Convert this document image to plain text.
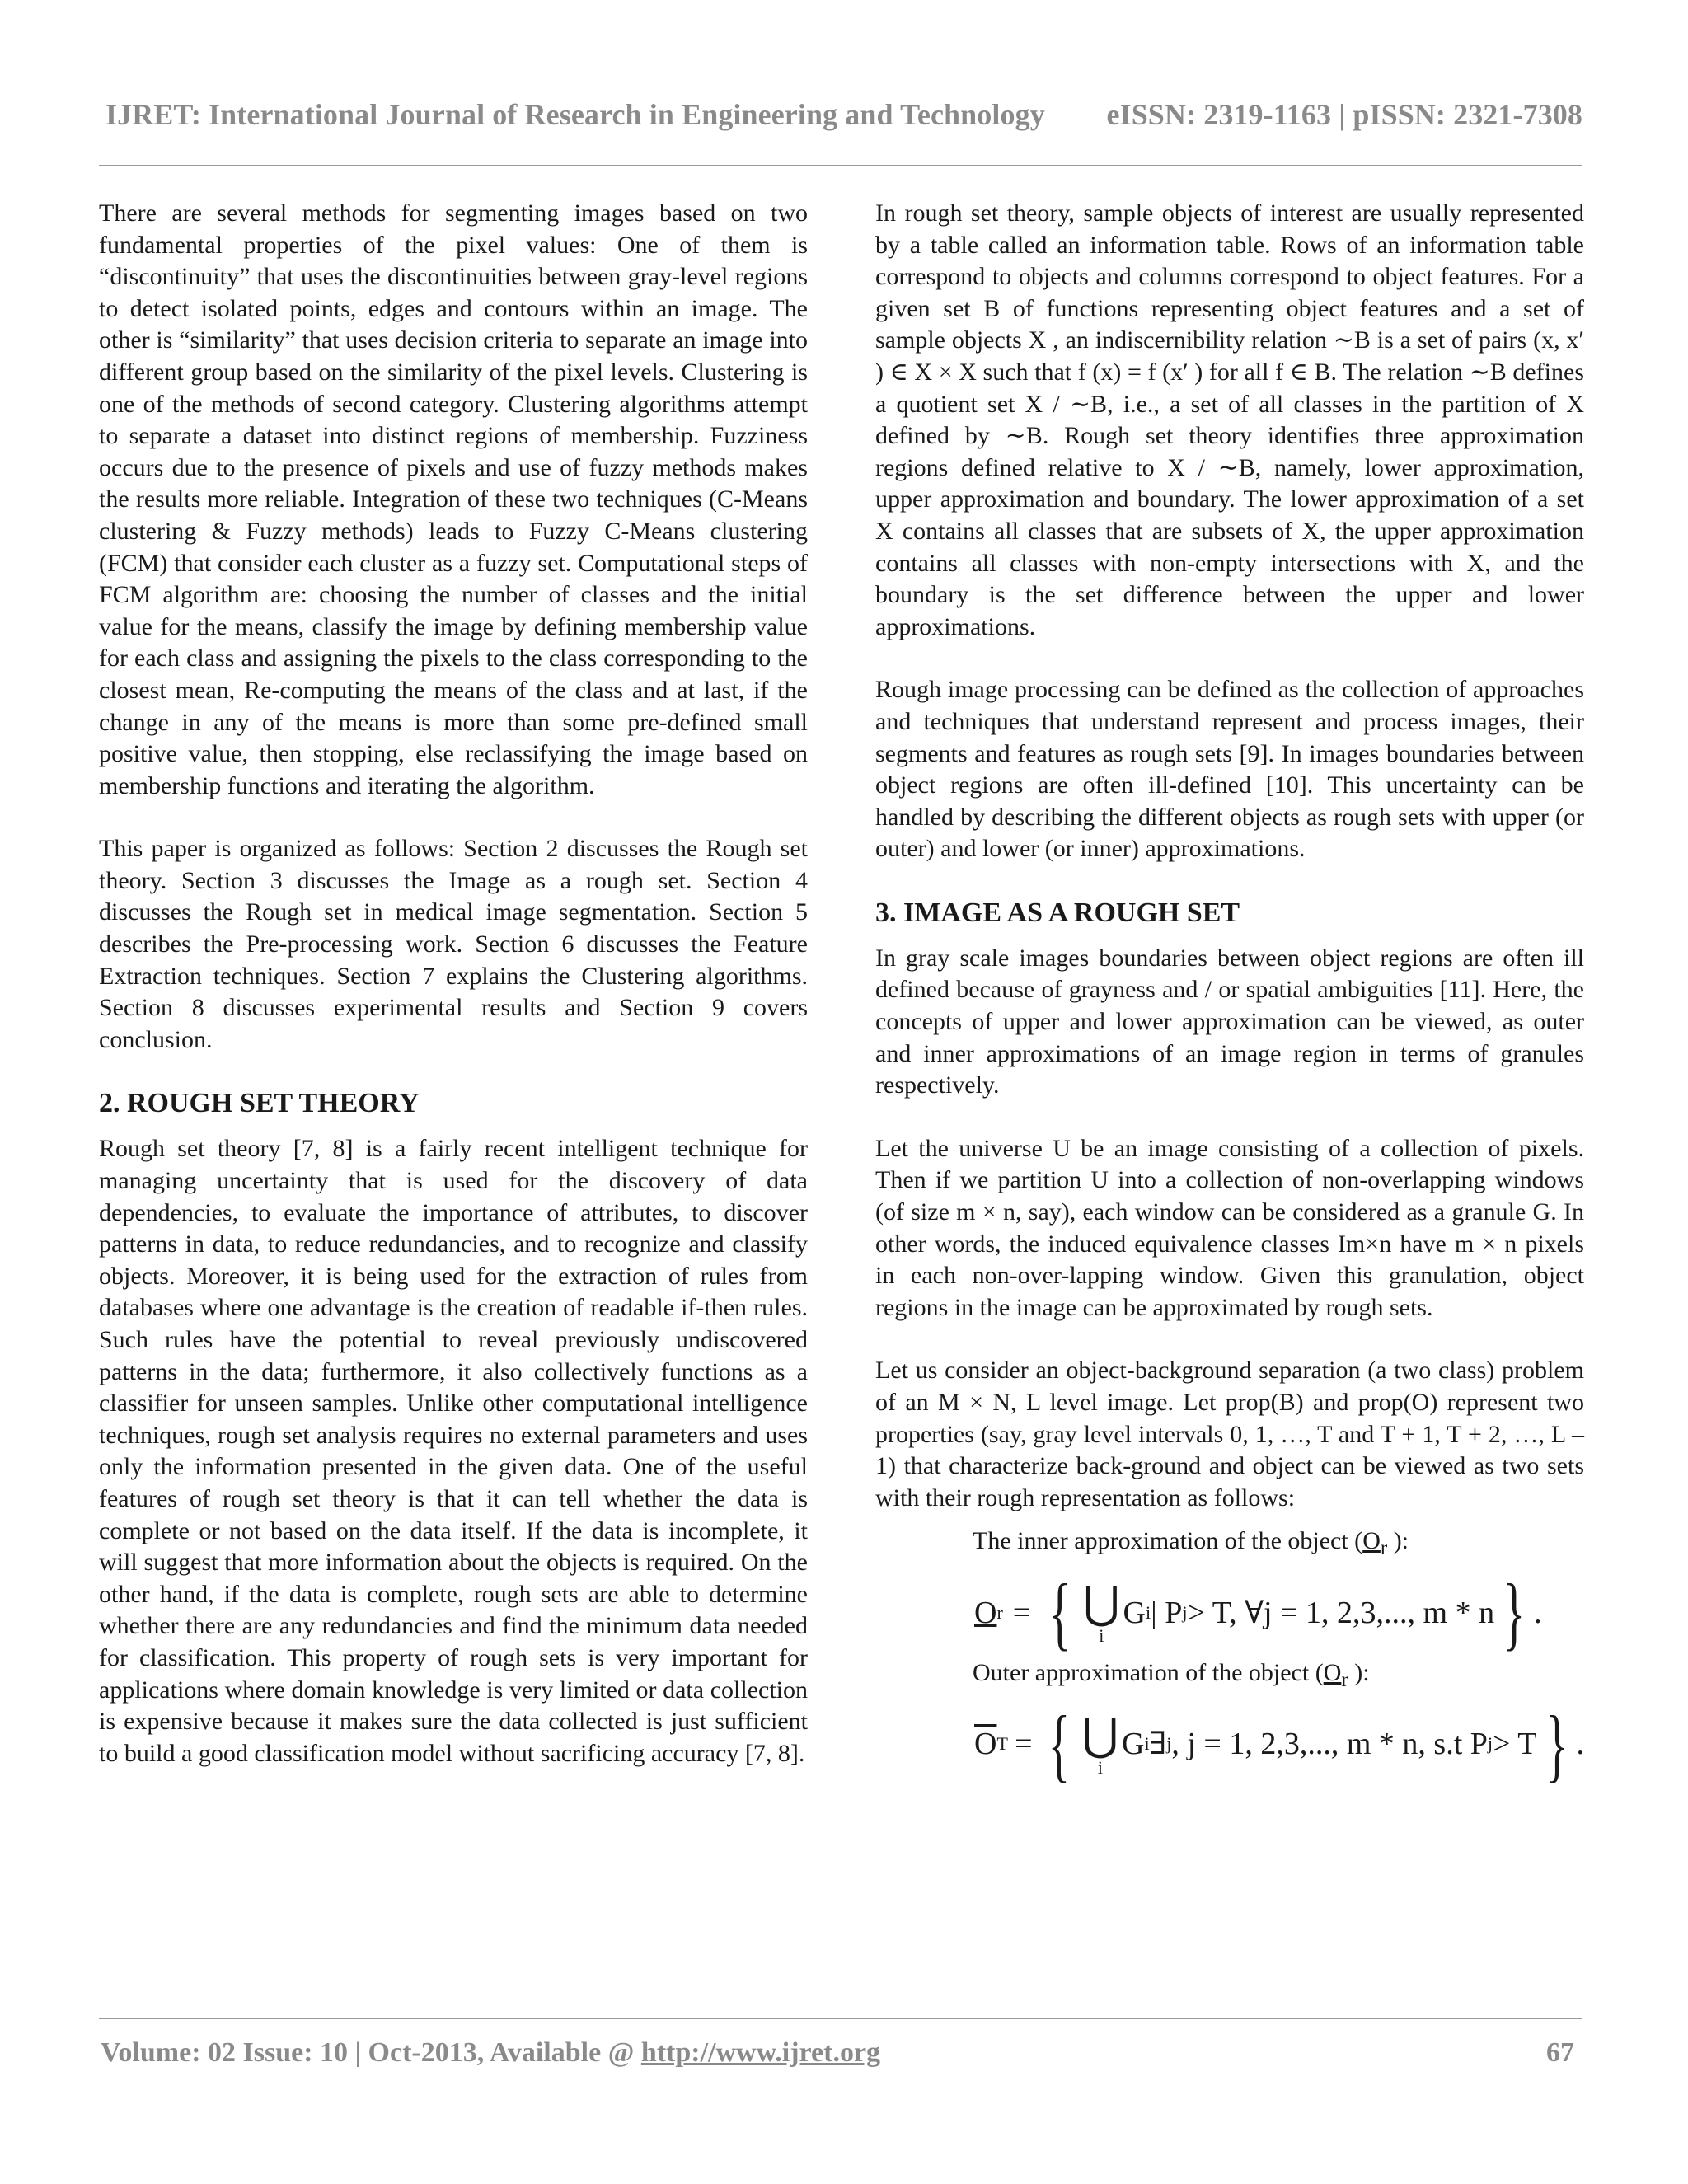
IJRET: International Journal of Research in Engineering and Technology eISSN: 2319-1163 | pISSN: 2321-7308

There are several methods for segmenting images based on two fundamental properties of the pixel values: One of them is “discontinuity” that uses the discontinuities between gray-level regions to detect isolated points, edges and contours within an image. The other is “similarity” that uses decision criteria to separate an image into different group based on the similarity of the pixel levels. Clustering is one of the methods of second category. Clustering algorithms attempt to separate a dataset into distinct regions of membership. Fuzziness occurs due to the presence of pixels and use of fuzzy methods makes the results more reliable. Integration of these two techniques (C-Means clustering & Fuzzy methods) leads to Fuzzy C-Means clustering (FCM) that consider each cluster as a fuzzy set. Computational steps of FCM algorithm are: choosing the number of classes and the initial value for the means, classify the image by defining membership value for each class and assigning the pixels to the class corresponding to the closest mean, Re-computing the means of the class and at last, if the change in any of the means is more than some pre-defined small positive value, then stopping, else reclassifying the image based on membership functions and iterating the algorithm.

This paper is organized as follows: Section 2 discusses the Rough set theory. Section 3 discusses the Image as a rough set. Section 4 discusses the Rough set in medical image segmentation. Section 5 describes the Pre-processing work. Section 6 discusses the Feature Extraction techniques. Section 7 explains the Clustering algorithms. Section 8 discusses experimental results and Section 9 covers conclusion.

2. ROUGH SET THEORY

Rough set theory [7, 8] is a fairly recent intelligent technique for managing uncertainty that is used for the discovery of data dependencies, to evaluate the importance of attributes, to discover patterns in data, to reduce redundancies, and to recognize and classify objects. Moreover, it is being used for the extraction of rules from databases where one advantage is the creation of readable if-then rules. Such rules have the potential to reveal previously undiscovered patterns in the data; furthermore, it also collectively functions as a classifier for unseen samples. Unlike other computational intelligence techniques, rough set analysis requires no external parameters and uses only the information presented in the given data. One of the useful features of rough set theory is that it can tell whether the data is complete or not based on the data itself. If the data is incomplete, it will suggest that more information about the objects is required. On the other hand, if the data is complete, rough sets are able to determine whether there are any redundancies and find the minimum data needed for classification. This property of rough sets is very important for applications where domain knowledge is very limited or data collection is expensive because it makes sure the data collected is just sufficient to build a good classification model without sacrificing accuracy [7, 8].

In rough set theory, sample objects of interest are usually represented by a table called an information table. Rows of an information table correspond to objects and columns correspond to object features. For a given set B of functions representing object features and a set of sample objects X , an indiscernibility relation ∼B is a set of pairs (x, x′ ) ∈ X × X such that f (x) = f (x′ ) for all f ∈ B. The relation ∼B defines a quotient set X / ∼B, i.e., a set of all classes in the partition of X defined by ∼B. Rough set theory identifies three approximation regions defined relative to X / ∼B, namely, lower approximation, upper approximation and boundary. The lower approximation of a set X contains all classes that are subsets of X, the upper approximation contains all classes with non-empty intersections with X, and the boundary is the set difference between the upper and lower approximations.

Rough image processing can be defined as the collection of approaches and techniques that understand represent and process images, their segments and features as rough sets [9]. In images boundaries between object regions are often ill-defined [10]. This uncertainty can be handled by describing the different objects as rough sets with upper (or outer) and lower (or inner) approximations.

3. IMAGE AS A ROUGH SET

In gray scale images boundaries between object regions are often ill defined because of grayness and / or spatial ambiguities [11]. Here, the concepts of upper and lower approximation can be viewed, as outer and inner approximations of an image region in terms of granules respectively.

Let the universe U be an image consisting of a collection of pixels. Then if we partition U into a collection of non-overlapping windows (of size m × n, say), each window can be considered as a granule G. In other words, the induced equivalence classes Im×n have m × n pixels in each non-over-lapping window. Given this granulation, object regions in the image can be approximated by rough sets.

Let us consider an object-background separation (a two class) problem of an M × N, L level image. Let prop(B) and prop(O) represent two properties (say, gray level intervals 0, 1, …, T and T + 1, T + 2, …, L – 1) that characterize back-ground and object can be viewed as two sets with their rough representation as follows:

The inner approximation of the object ($O_r$ ):
O r = { ⋃
i
G i | P j > T, ∀j = 1, 2,3,..., m * n } .
Outer approximation of the object ($O_r$ ):
$\overline{O}$ T = { ⋃
i
G i ∃ j , j = 1, 2,3,..., m * n, s.t P j > T } .
Volume: 02 Issue: 10 | Oct-2013, Available @ http://www.ijret.org	67
